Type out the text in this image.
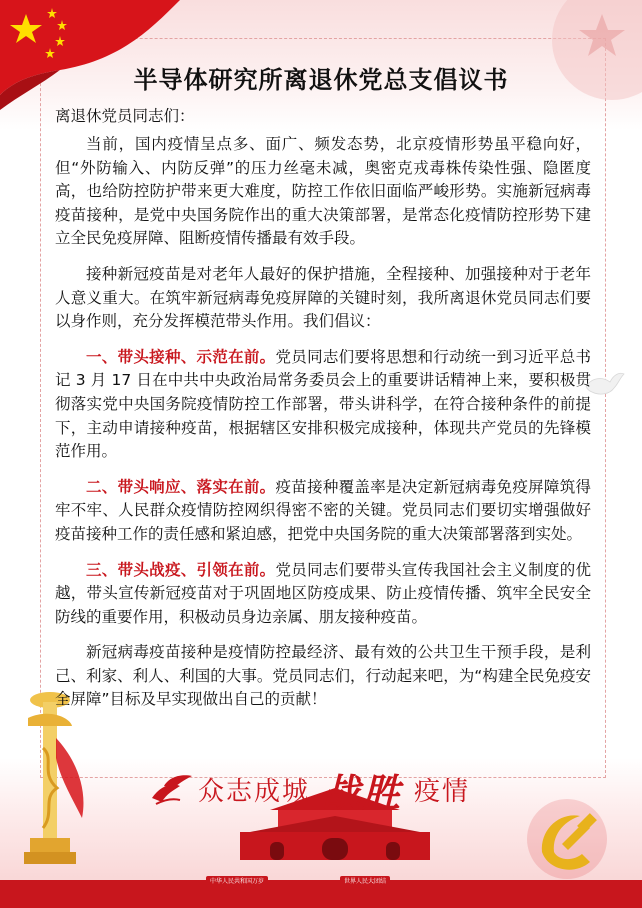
中华人民共和国万岁	世界人民大团结
半导体研究所离退休党总支倡议书
离退休党员同志们：

当前，国内疫情呈点多、面广、频发态势，北京疫情形势虽平稳向好，但“外防输入、内防反弹”的压力丝毫未减，奥密克戎毒株传染性强、隐匿度高，也给防控防护带来更大难度，防控工作依旧面临严峻形势。实施新冠病毒疫苗接种，是党中央国务院作出的重大决策部署，是常态化疫情防控形势下建立全民免疫屏障、阻断疫情传播最有效手段。

接种新冠疫苗是对老年人最好的保护措施，全程接种、加强接种对于老年人意义重大。在筑牢新冠病毒免疫屏障的关键时刻，我所离退休党员同志们要以身作则，充分发挥模范带头作用。我们倡议：

一、带头接种、示范在前。党员同志们要将思想和行动统一到习近平总书记 3 月 17 日在中共中央政治局常务委员会上的重要讲话精神上来，要积极贯彻落实党中央国务院疫情防控工作部署，带头讲科学，在符合接种条件的前提下，主动申请接种疫苗，根据辖区安排积极完成接种，体现共产党员的先锋模范作用。

二、带头响应、落实在前。疫苗接种覆盖率是决定新冠病毒免疫屏障筑得牢不牢、人民群众疫情防控网织得密不密的关键。党员同志们要切实增强做好疫苗接种工作的责任感和紧迫感，把党中央国务院的重大决策部署落到实处。

三、带头战疫、引领在前。党员同志们要带头宣传我国社会主义制度的优越，带头宣传新冠疫苗对于巩固地区防疫成果、防止疫情传播、筑牢全民安全防线的重要作用，积极动员身边亲属、朋友接种疫苗。

新冠病毒疫苗接种是疫情防控最经济、最有效的公共卫生干预手段，是利己、利家、利人、利国的大事。党员同志们，行动起来吧，为“构建全民免疫安全屏障”目标及早实现做出自己的贡献！

众志成城 战胜 疫情
